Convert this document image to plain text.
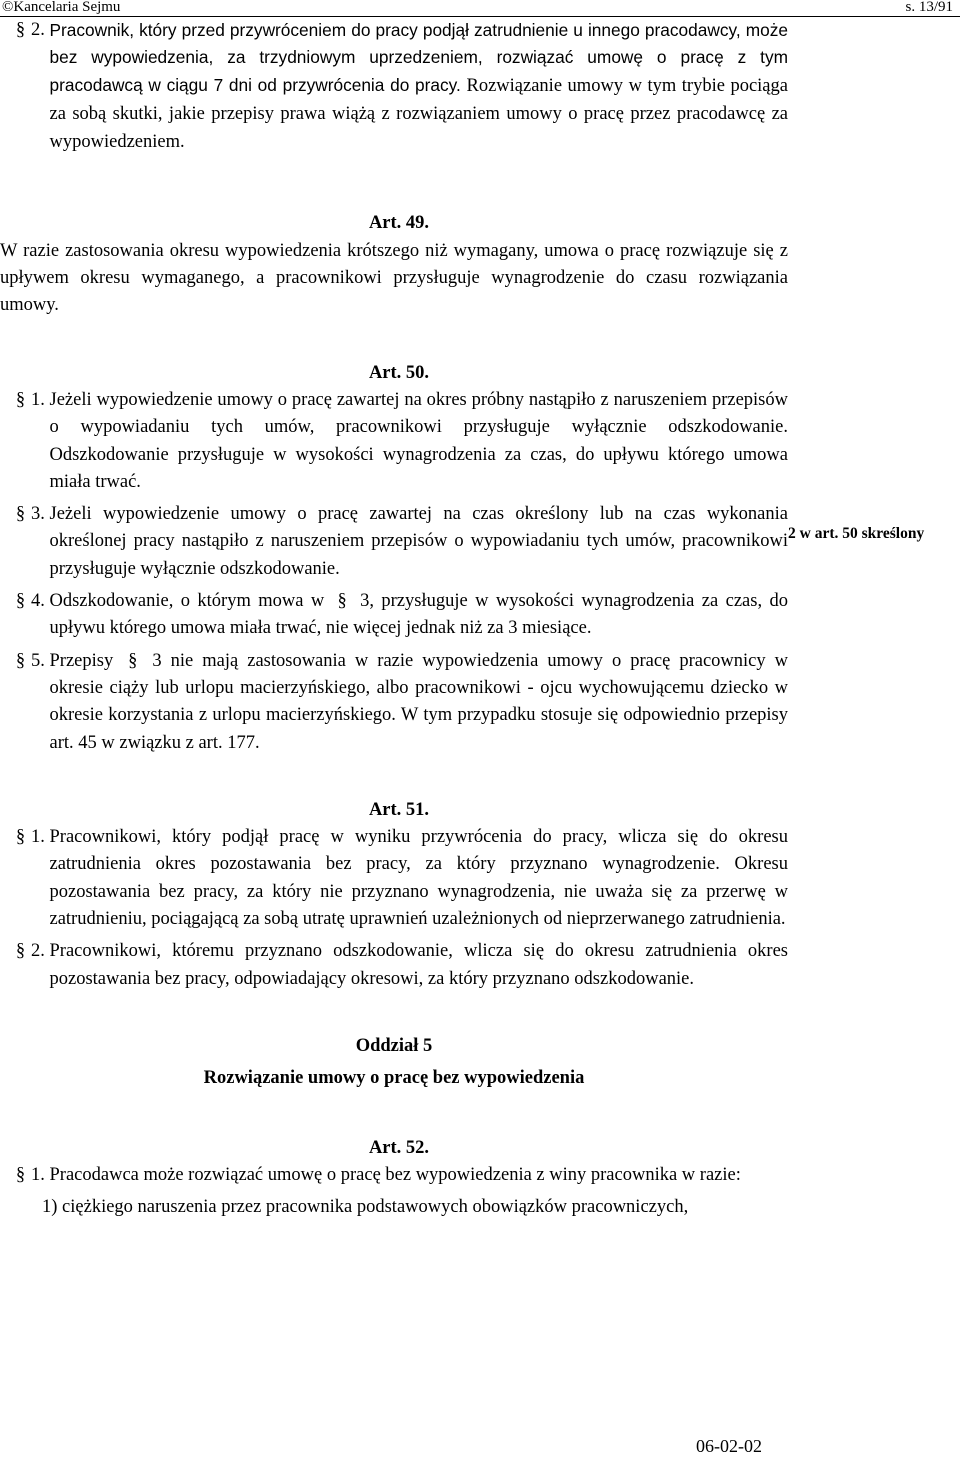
©Kancelaria Sejmu	s. 13/91
§ 2. Pracownik, który przed przywróceniem do pracy podjął zatrudnienie u innego pracodawcy, może bez wypowiedzenia, za trzydniowym uprzedzeniem, rozwiązać umowę o pracę z tym pracodawcą w ciągu 7 dni od przywrócenia do pracy. Rozwiązanie umowy w tym trybie pociąga za sobą skutki, jakie przepisy prawa wiążą z rozwiązaniem umowy o pracę przez pracodawcę za wypowiedzeniem.
Art. 49.
W razie zastosowania okresu wypowiedzenia krótszego niż wymagany, umowa o pracę rozwiązuje się z upływem okresu wymaganego, a pracownikowi przysługuje wynagrodzenie do czasu rozwiązania umowy.
Art. 50.
§ 1. Jeżeli wypowiedzenie umowy o pracę zawartej na okres próbny nastąpiło z naruszeniem przepisów o wypowiadaniu tych umów, pracownikowi przysługuje wyłącznie odszkodowanie. Odszkodowanie przysługuje w wysokości wynagrodzenia za czas, do upływu którego umowa miała trwać.
§ 3. Jeżeli wypowiedzenie umowy o pracę zawartej na czas określony lub na czas wykonania określonej pracy nastąpiło z naruszeniem przepisów o wypowiadaniu tych umów, pracownikowi przysługuje wyłącznie odszkodowanie.
§ 4. Odszkodowanie, o którym mowa w § 3, przysługuje w wysokości wynagrodzenia za czas, do upływu którego umowa miała trwać, nie więcej jednak niż za 3 miesiące.
§ 5. Przepisy § 3 nie mają zastosowania w razie wypowiedzenia umowy o pracę pracownicy w okresie ciąży lub urlopu macierzyńskiego, albo pracownikowi - ojcu wychowującemu dziecko w okresie korzystania z urlopu macierzyńskiego. W tym przypadku stosuje się odpowiednio przepisy art. 45 w związku z art. 177.
Art. 51.
§ 1. Pracownikowi, który podjął pracę w wyniku przywrócenia do pracy, wlicza się do okresu zatrudnienia okres pozostawania bez pracy, za który przyznano wynagrodzenie. Okresu pozostawania bez pracy, za który nie przyznano wynagrodzenia, nie uważa się za przerwę w zatrudnieniu, pociągającą za sobą utratę uprawnień uzależnionych od nieprzerwanego zatrudnienia.
§ 2. Pracownikowi, któremu przyznano odszkodowanie, wlicza się do okresu zatrudnienia okres pozostawania bez pracy, odpowiadający okresowi, za który przyznano odszkodowanie.
Oddział 5
Rozwiązanie umowy o pracę bez wypowiedzenia
Art. 52.
§ 1. Pracodawca może rozwiązać umowę o pracę bez wypowiedzenia z winy pracownika w razie:
1)
ciężkiego naruszenia przez pracownika podstawowych obowiązków pracowniczych,
2 w art. 50 skreślony
06-02-02
